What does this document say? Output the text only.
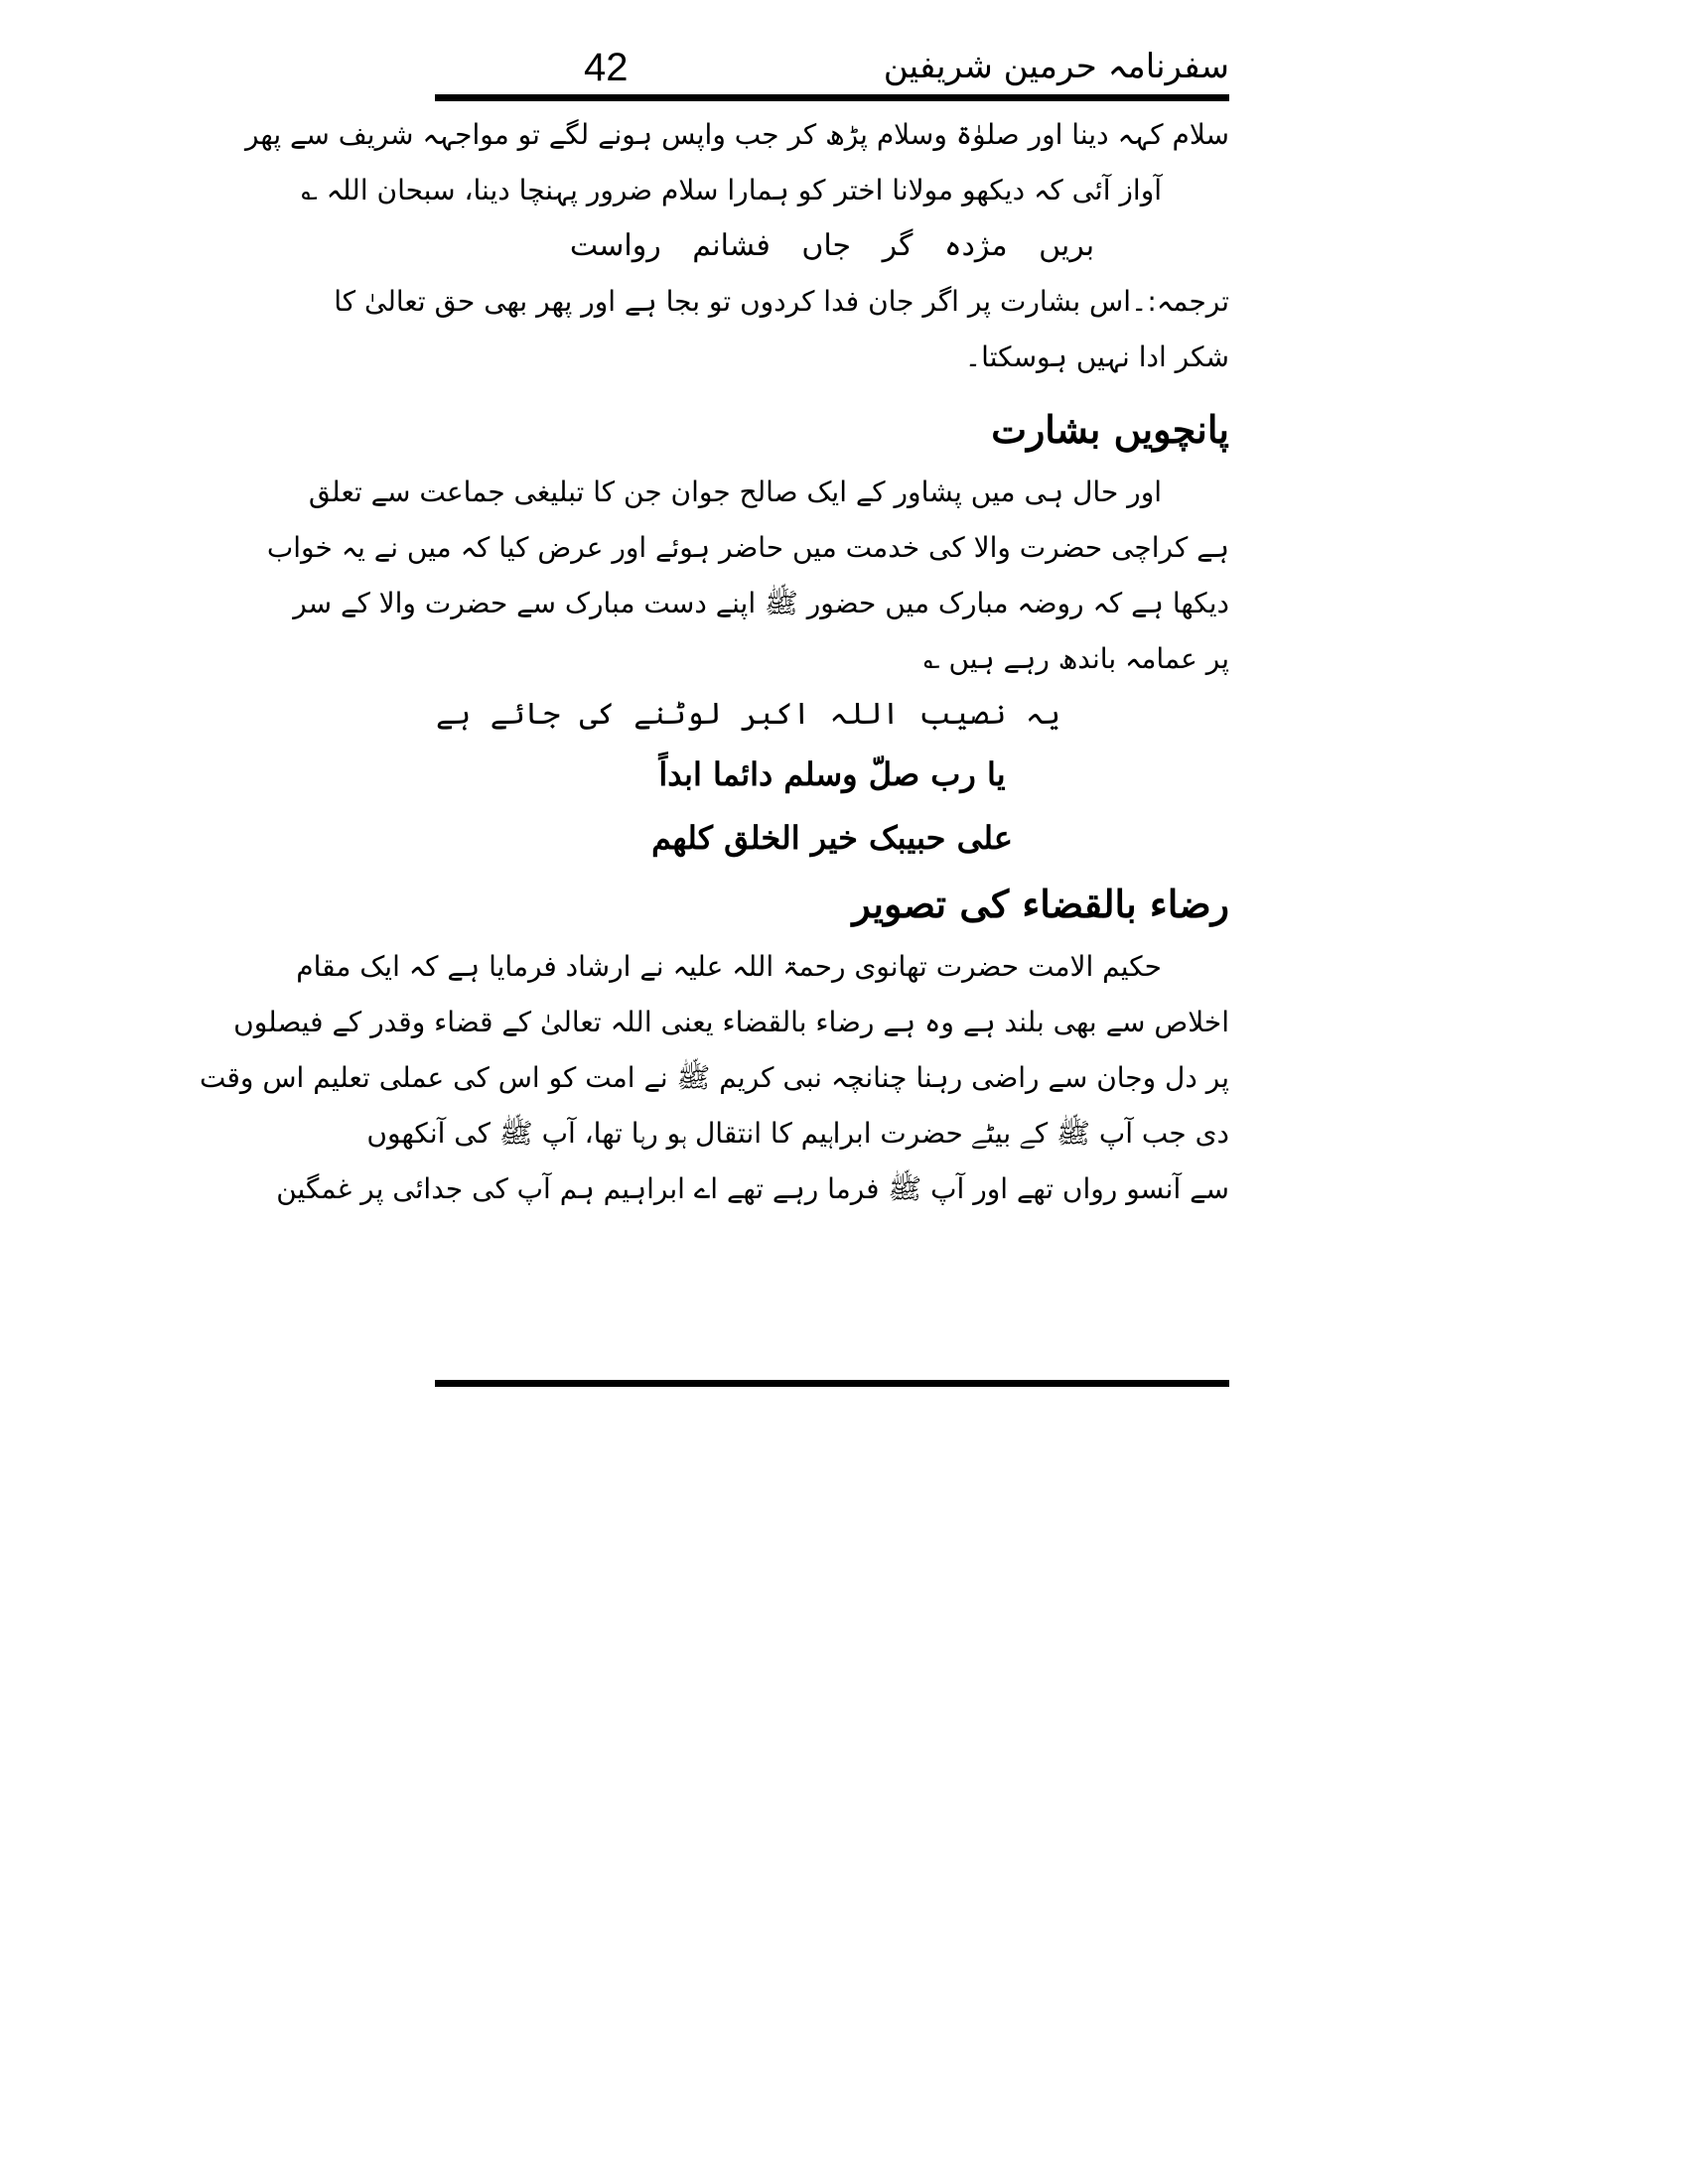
42	سفرنامہ حرمین شریفین
سلام کہہ دینا اور صلوٰۃ وسلام پڑھ کر جب واپس ہونے لگے تو مواجہہ شریف سے پھر
آواز آئی کہ دیکھو مولانا اختر کو ہمارا سلام ضرور پہنچا دینا، سبحان اللہ ؎
بریں مژدہ گر جاں فشانم رواست
ترجمہ:۔اس بشارت پر اگر جان فدا کردوں تو بجا ہے اور پھر بھی حق تعالیٰ کا
شکر ادا نہیں ہوسکتا۔
پانچویں بشارت
اور حال ہی میں پشاور کے ایک صالح جوان جن کا تبلیغی جماعت سے تعلق
ہے کراچی حضرت والا کی خدمت میں حاضر ہوئے اور عرض کیا کہ میں نے یہ خواب
دیکھا ہے کہ روضہ مبارک میں حضور ﷺ اپنے دست مبارک سے حضرت والا کے سر
پر عمامہ باندھ رہے ہیں ؎
یہ نصیب اللہ اکبر لوٹنے کی جائے ہے
یا رب صلّ وسلم دائما ابداً
علی حبیبک خیر الخلق کلھم
رضاء بالقضاء کی تصویر
حکیم الامت حضرت تھانوی رحمۃ اللہ علیہ نے ارشاد فرمایا ہے کہ ایک مقام
اخلاص سے بھی بلند ہے وہ ہے رضاء بالقضاء یعنی اللہ تعالیٰ کے قضاء وقدر کے فیصلوں
پر دل وجان سے راضی رہنا چنانچہ نبی کریم ﷺ نے امت کو اس کی عملی تعلیم اس وقت
دی جب آپ ﷺ کے بیٹے حضرت ابراہیم کا انتقال ہو رہا تھا، آپ ﷺ کی آنکھوں
سے آنسو رواں تھے اور آپ ﷺ فرما رہے تھے اے ابراہیم ہم آپ کی جدائی پر غمگین
